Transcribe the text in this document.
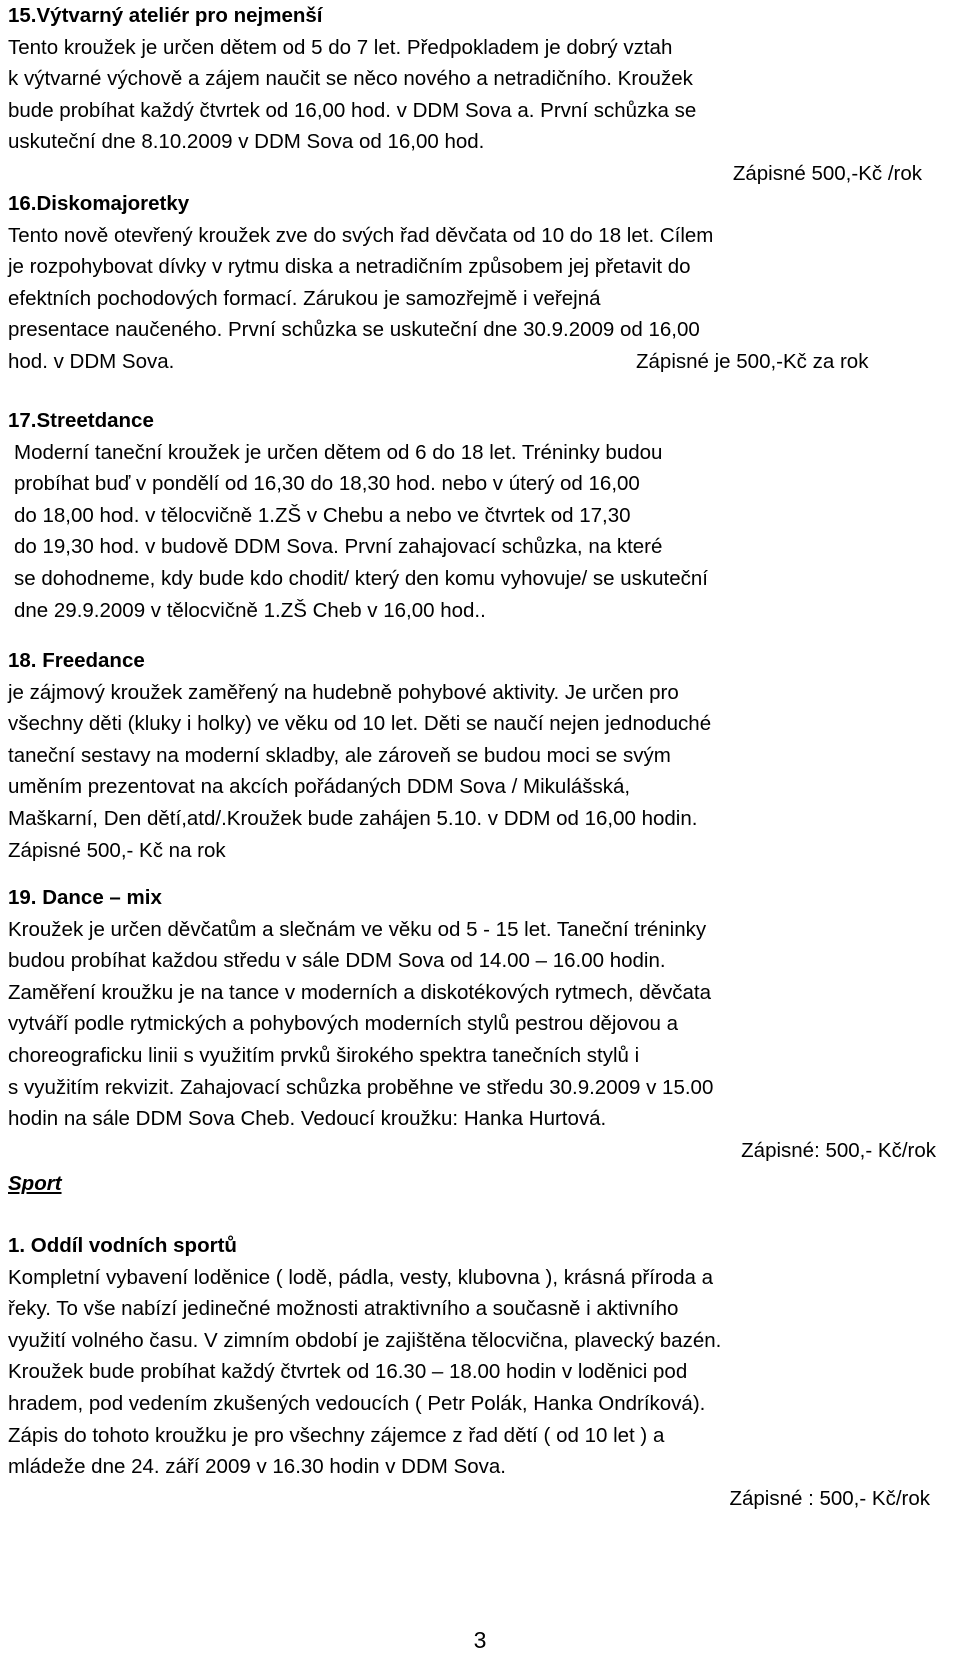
15.Výtvarný ateliér pro nejmenší
Tento kroužek je určen dětem od 5 do 7 let. Předpokladem je dobrý vztah
k výtvarné výchově a zájem naučit se něco nového a netradičního. Kroužek
bude probíhat každý čtvrtek od 16,00 hod. v DDM Sova a. První schůzka se
uskuteční dne 8.10.2009 v DDM Sova od 16,00 hod.
Zápisné 500,-Kč /rok
16.Diskomajoretky
Tento nově otevřený kroužek zve do svých řad děvčata od 10 do 18 let. Cílem
je rozpohybovat dívky v rytmu diska a netradičním způsobem jej přetavit do
efektních pochodových formací. Zárukou je samozřejmě i veřejná
presentace naučeného. První schůzka se uskuteční dne 30.9.2009 od 16,00
hod. v DDM Sova.	Zápisné je 500,-Kč za rok
17.Streetdance
Moderní taneční kroužek je určen dětem od 6 do 18 let. Tréninky budou
probíhat buď v pondělí od 16,30 do 18,30 hod. nebo v úterý od 16,00
do 18,00 hod. v tělocvičně 1.ZŠ v Chebu a nebo ve čtvrtek od 17,30
do 19,30 hod. v budově DDM Sova. První zahajovací schůzka, na které
se dohodneme, kdy bude kdo chodit/ který den komu vyhovuje/ se uskuteční
dne 29.9.2009 v tělocvičně 1.ZŠ Cheb v 16,00 hod..
18. Freedance
je zájmový kroužek zaměřený na hudebně pohybové aktivity. Je určen pro
všechny děti (kluky i holky) ve věku od 10 let. Děti se naučí nejen jednoduché
taneční sestavy na moderní skladby, ale zároveň se budou moci se svým
uměním prezentovat na akcích pořádaných DDM Sova / Mikulášská,
Maškarní, Den dětí,atd/.Kroužek bude zahájen 5.10. v DDM od 16,00 hodin.
Zápisné 500,- Kč na rok
19. Dance – mix
Kroužek je určen děvčatům a slečnám ve věku od 5 - 15 let. Taneční tréninky
budou probíhat každou středu v sále DDM Sova od 14.00 – 16.00 hodin.
Zaměření kroužku je na tance v moderních a diskotékových rytmech, děvčata
vytváří podle rytmických a pohybových moderních stylů pestrou dějovou a
choreograficku linii s využitím prvků širokého spektra tanečních stylů i
s využitím rekvizit. Zahajovací schůzka proběhne ve středu 30.9.2009 v 15.00
hodin na sále DDM Sova Cheb. Vedoucí kroužku: Hanka Hurtová.
Zápisné: 500,- Kč/rok
Sport
1. Oddíl vodních sportů
Kompletní vybavení loděnice ( lodě, pádla, vesty, klubovna ), krásná příroda a
řeky. To vše nabízí jedinečné možnosti atraktivního a současně i aktivního
využití volného času. V zimním období je zajištěna tělocvična, plavecký bazén.
Kroužek bude probíhat každý čtvrtek od 16.30 – 18.00 hodin v loděnici pod
hradem, pod vedením zkušených vedoucích ( Petr Polák, Hanka Ondríková).
Zápis do tohoto kroužku je pro všechny zájemce z řad dětí ( od 10 let ) a
mládeže dne 24. září 2009 v 16.30 hodin v DDM Sova.
Zápisné : 500,- Kč/rok
3
